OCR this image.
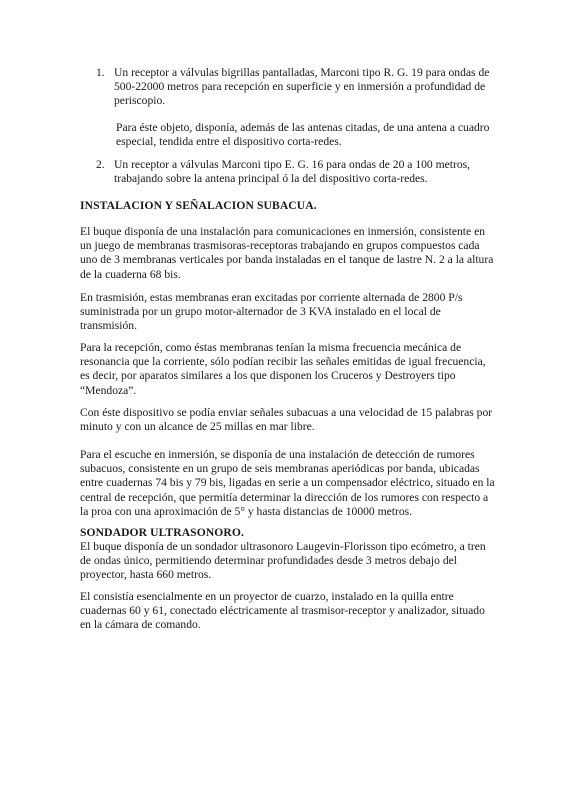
1. Un receptor a válvulas bigrillas pantalladas, Marconi tipo R. G. 19 para ondas de 500-22000 metros para recepción en superficie y en inmersión a profundidad de periscopio.

Para éste objeto, disponía, además de las antenas citadas, de una antena a cuadro especial, tendida entre el dispositivo corta-redes.

2. Un receptor a válvulas Marconi tipo E. G. 16 para ondas de 20 a 100 metros, trabajando sobre la antena principal ó la del dispositivo corta-redes.

INSTALACION Y SEÑALACION SUBACUA.

El buque disponía de una instalación para comunicaciones en inmersión, consistente en un juego de membranas trasmisoras-receptoras trabajando en grupos compuestos cada uno de 3 membranas verticales por banda instaladas en el tanque de lastre N. 2 a la altura de la cuaderna 68 bis.

En trasmisión, estas membranas eran excitadas por corriente alternada de 2800 P/s suministrada por un grupo motor-alternador de 3 KVA instalado en el local de transmisión.

Para la recepción, como éstas membranas tenían la misma frecuencia mecánica de resonancia que la corriente, sólo podían recibir las señales emitidas de igual frecuencia, es decir, por aparatos similares a los que disponen los Cruceros y Destroyers tipo “Mendoza”.

Con éste dispositivo se podía enviar señales subacuas a una velocidad de 15 palabras por minuto y con un alcance de 25 millas en mar libre.

Para el escuche en inmersión, se disponía de una instalación de detección de rumores subacuos, consistente en un grupo de seis membranas aperiódicas por banda, ubicadas entre cuadernas 74 bis y 79 bis, ligadas en serie a un compensador eléctrico, situado en la central de recepción, que permitía determinar la dirección de los rumores con respecto a la proa con una aproximación de 5° y hasta distancias de 10000 metros.

SONDADOR ULTRASONORO.

El buque disponía de un sondador ultrasonoro Laugevin-Florisson tipo ecómetro, a tren de ondas único, permitiendo determinar profundidades desde 3 metros debajo del proyector, hasta 660 metros.

El consistía esencialmente en un proyector de cuarzo, instalado en la quilla entre cuadernas 60 y 61, conectado eléctricamente al trasmisor-receptor y analizador, situado en la cámara de comando.
